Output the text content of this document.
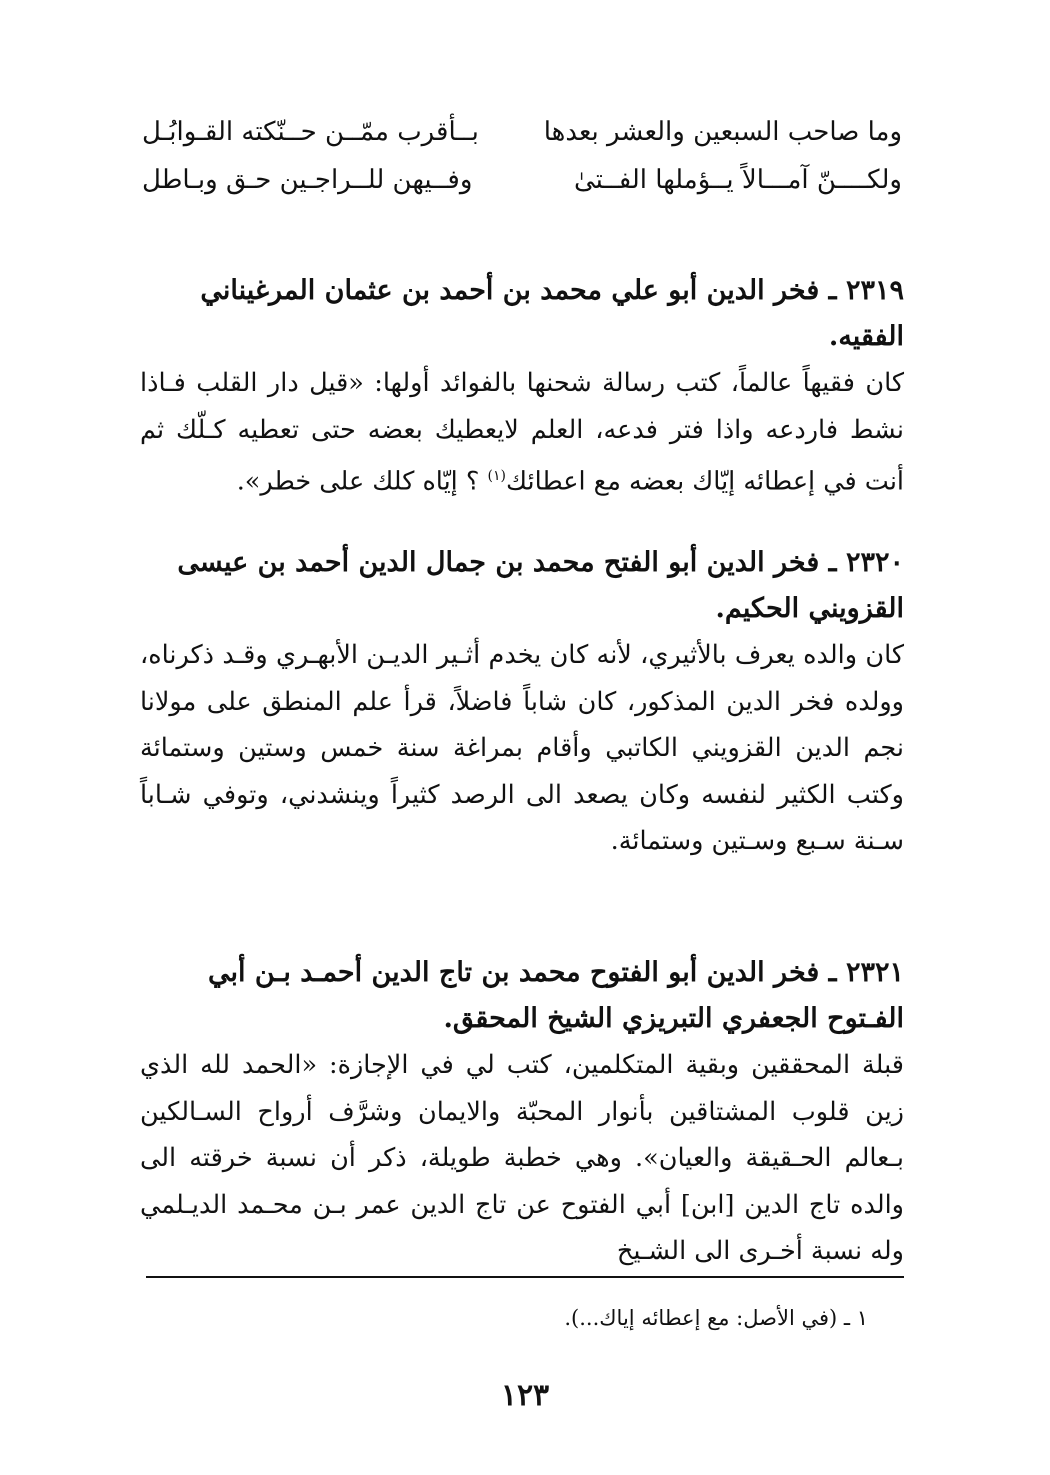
وما صاحب السبعين والعشر بعدها
بــأقرب ممّــن حــنّكته القـوابُـل
ولكــــنّ آمـــالاً يــؤملها الفــتىٰ
وفــيهن للــراجـين حـق وبـاطل

٢٣١٩ ـ فخر الدين أبو علي محمد بن أحمد بن عثمان المرغيناني الفقيه.

كان فقيهاً عالماً، كتب رسالة شحنها بالفوائد أولها: «قيل دار القلب فـاذا نشط فاردعه واذا فتر فدعه، العلم لايعطيك بعضه حتى تعطيه كـلّك ثم أنت في إعطائه إيّاك بعضه مع اعطائك$^{(١)}$ ؟ إيّاه كلك على خطر».

٢٣٢٠ ـ فخر الدين أبو الفتح محمد بن جمال الدين أحمد بن عيسى القزويني الحكيم.

كان والده يعرف بالأثيري، لأنه كان يخدم أثـير الديـن الأبهـري وقـد ذكرناه، وولده فخر الدين المذكور، كان شاباً فاضلاً، قرأ علم المنطق على مولانا نجم الدين القزويني الكاتبي وأقام بمراغة سنة خمس وستين وستمائة وكتب الكثير لنفسه وكان يصعد الى الرصد كثيراً وينشدني، وتوفي شـاباً سـنة سـبع وسـتين وستمائة.

٢٣٢١ ـ فخر الدين أبو الفتوح محمد بن تاج الدين أحمـد بـن أبي الفـتوح الجعفري التبريزي الشيخ المحقق.

قبلة المحققين وبقية المتكلمين، كتب لي في الإجازة: «الحمد لله الذي زين قلوب المشتاقين بأنوار المحبّة والايمان وشرَّف أرواح السـالكين بـعالم الحـقيقة والعيان». وهي خطبة طويلة، ذكر أن نسبة خرقته الى والده تاج الدين [ابن] أبي الفتوح عن تاج الدين عمر بـن محـمد الديـلمي وله نسبة أخـرى الى الشـيخ

١ ـ (في الأصل: مع إعطائه إياك...).
١٢٣
